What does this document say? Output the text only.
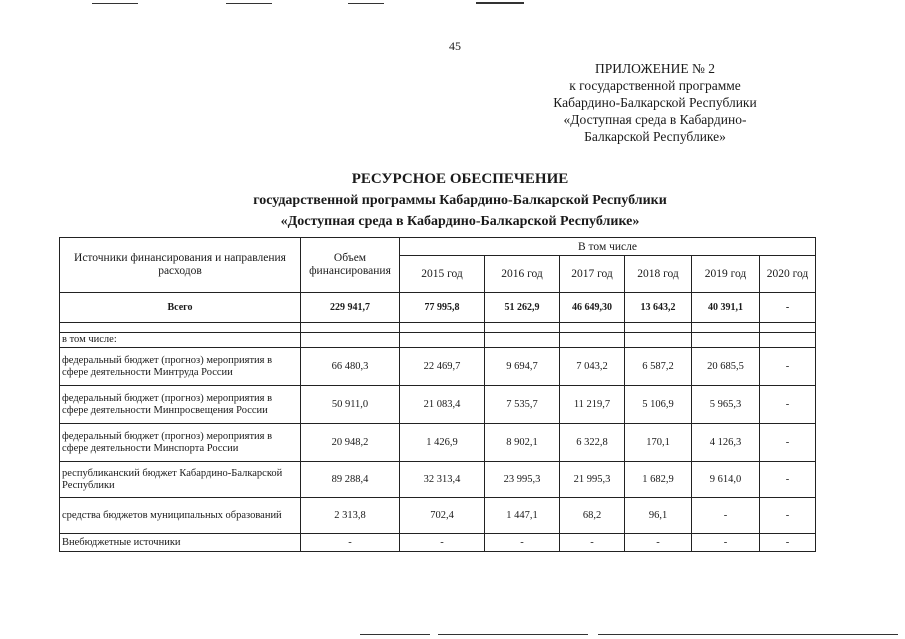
45
ПРИЛОЖЕНИЕ № 2
к государственной программе
Кабардино-Балкарской Республики
«Доступная среда в Кабардино-
Балкарской Республике»
РЕСУРСНОЕ ОБЕСПЕЧЕНИЕ
государственной программы Кабардино-Балкарской Республики
«Доступная среда в Кабардино-Балкарской Республике»
Источники финансирования и направления расходов	Объем финансирования	В том числе					
		2015 год	2016 год	2017 год	2018 год	2019 год	2020 год
Всего	229 941,7	77 995,8	51 262,9	46 649,30	13 643,2	40 391,1	-

в том числе:							
федеральный бюджет (прогноз) мероприятия в сфере деятельности Минтруда России	66 480,3	22 469,7	9 694,7	7 043,2	6 587,2	20 685,5	-
федеральный бюджет (прогноз) мероприятия в сфере деятельности Минпросвещения России	50 911,0	21 083,4	7 535,7	11 219,7	5 106,9	5 965,3	-
федеральный бюджет (прогноз) мероприятия в сфере деятельности Минспорта России	20 948,2	1 426,9	8 902,1	6 322,8	170,1	4 126,3	-
республиканский бюджет Кабардино-Балкарской Республики	89 288,4	32 313,4	23 995,3	21 995,3	1 682,9	9 614,0	-
средства бюджетов муниципальных образований	2 313,8	702,4	1 447,1	68,2	96,1	-	-
Внебюджетные источники	-	-	-	-	-	-	-
